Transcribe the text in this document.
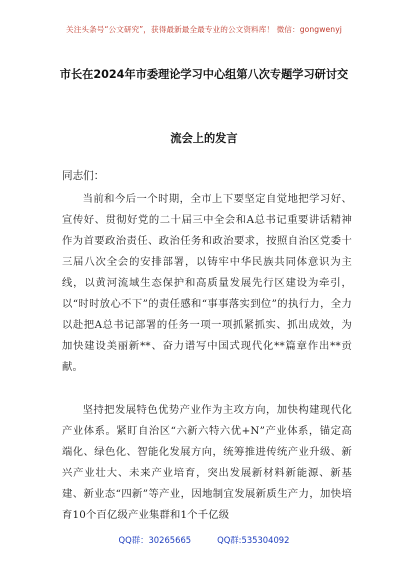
关注头条号“公文研究”，获得最新最全最专业的公文资料库！ 微信：gongwenyj
市长在2024年市委理论学习中心组第八次专题学习研讨交
流会上的发言
同志们：
当前和今后一个时期，全市上下要坚定自觉地把学习好、宣传好、贯彻好党的二十届三中全会和A总书记重要讲话精神作为首要政治责任、政治任务和政治要求，按照自治区党委十三届八次全会的安排部署，以铸牢中华民族共同体意识为主线，以黄河流域生态保护和高质量发展先行区建设为牵引，以“时时放心不下”的责任感和“事事落实到位”的执行力，全力以赴把A总书记部署的任务一项一项抓紧抓实、抓出成效，为加快建设美丽新**、奋力谱写中国式现代化**篇章作出**贡献。
坚持把发展特色优势产业作为主攻方向，加快构建现代化产业体系。紧盯自治区“六新六特六优+N”产业体系，锚定高端化、绿色化、智能化发展方向，统筹推进传统产业升级、新兴产业壮大、未来产业培育，突出发展新材料新能源、新基建、新业态“四新”等产业，因地制宜发展新质生产力，加快培育10个百亿级产业集群和1个千亿级
QQ群：30265665	QQ群:535304092
